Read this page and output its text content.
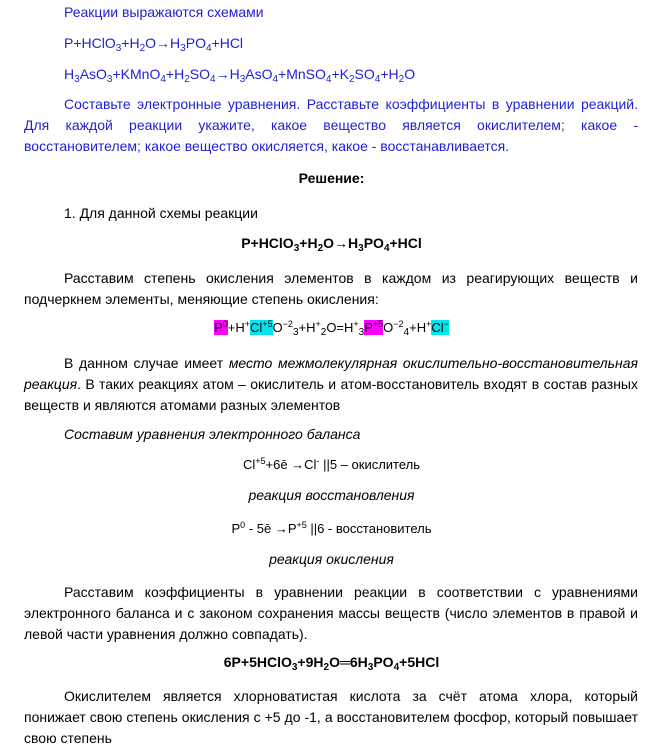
Реакции выражаются схемами
$P+HClO_3+H_2O\to H_3PO_4+HCl$
$H_3AsO_3+KMnO_4+H_2SO_4\to H_3AsO_4+MnSO_4+K_2SO_4+H_2O$
Составьте электронные уравнения. Расставьте коэффициенты в уравнении реакций. Для каждой реакции укажите, какое вещество является окислителем; какое - восстановителем; какое вещество окисляется, какое - восстанавливается.
Решение:
1. Для данной схемы реакции
$P+HClO_3+H_2O\to H_3PO_4+HCl$
Расставим степень окисления элементов в каждом из реагирующих веществ и подчеркнем элементы, меняющие степень окисления:
$P^0+H^+Cl^{+5}O^{-2}_3+H^+_2O=H^+_3P^{+5}O^{-2}_4+H^+Cl^-$
В данном случае имеет место межмолекулярная окислительно-восстановительная реакция. В таких реакциях атом – окислитель и атом-восстановитель входят в состав разных веществ и являются атомами разных элементов
Составим уравнения электронного баланса
$Cl^{+5}+6ē \to Cl^-$ ||5 – окислитель
реакция восстановления
$P^0$ - 5ē $\to P^{+5}$ ||6 - восстановитель
реакция окисления
Расставим коэффициенты в уравнении реакции в соответствии с уравнениями электронного баланса и с законом сохранения массы веществ (число элементов в правой и левой части уравнения должно совпадать).
$6P+5HClO_3+9H_2O═6H_3PO_4+5HCl$
Окислителем является хлорноватистая кислота за счёт атома хлора, который понижает свою степень окисления с +5 до -1, а восстановителем фосфор, который повышает свою степень
